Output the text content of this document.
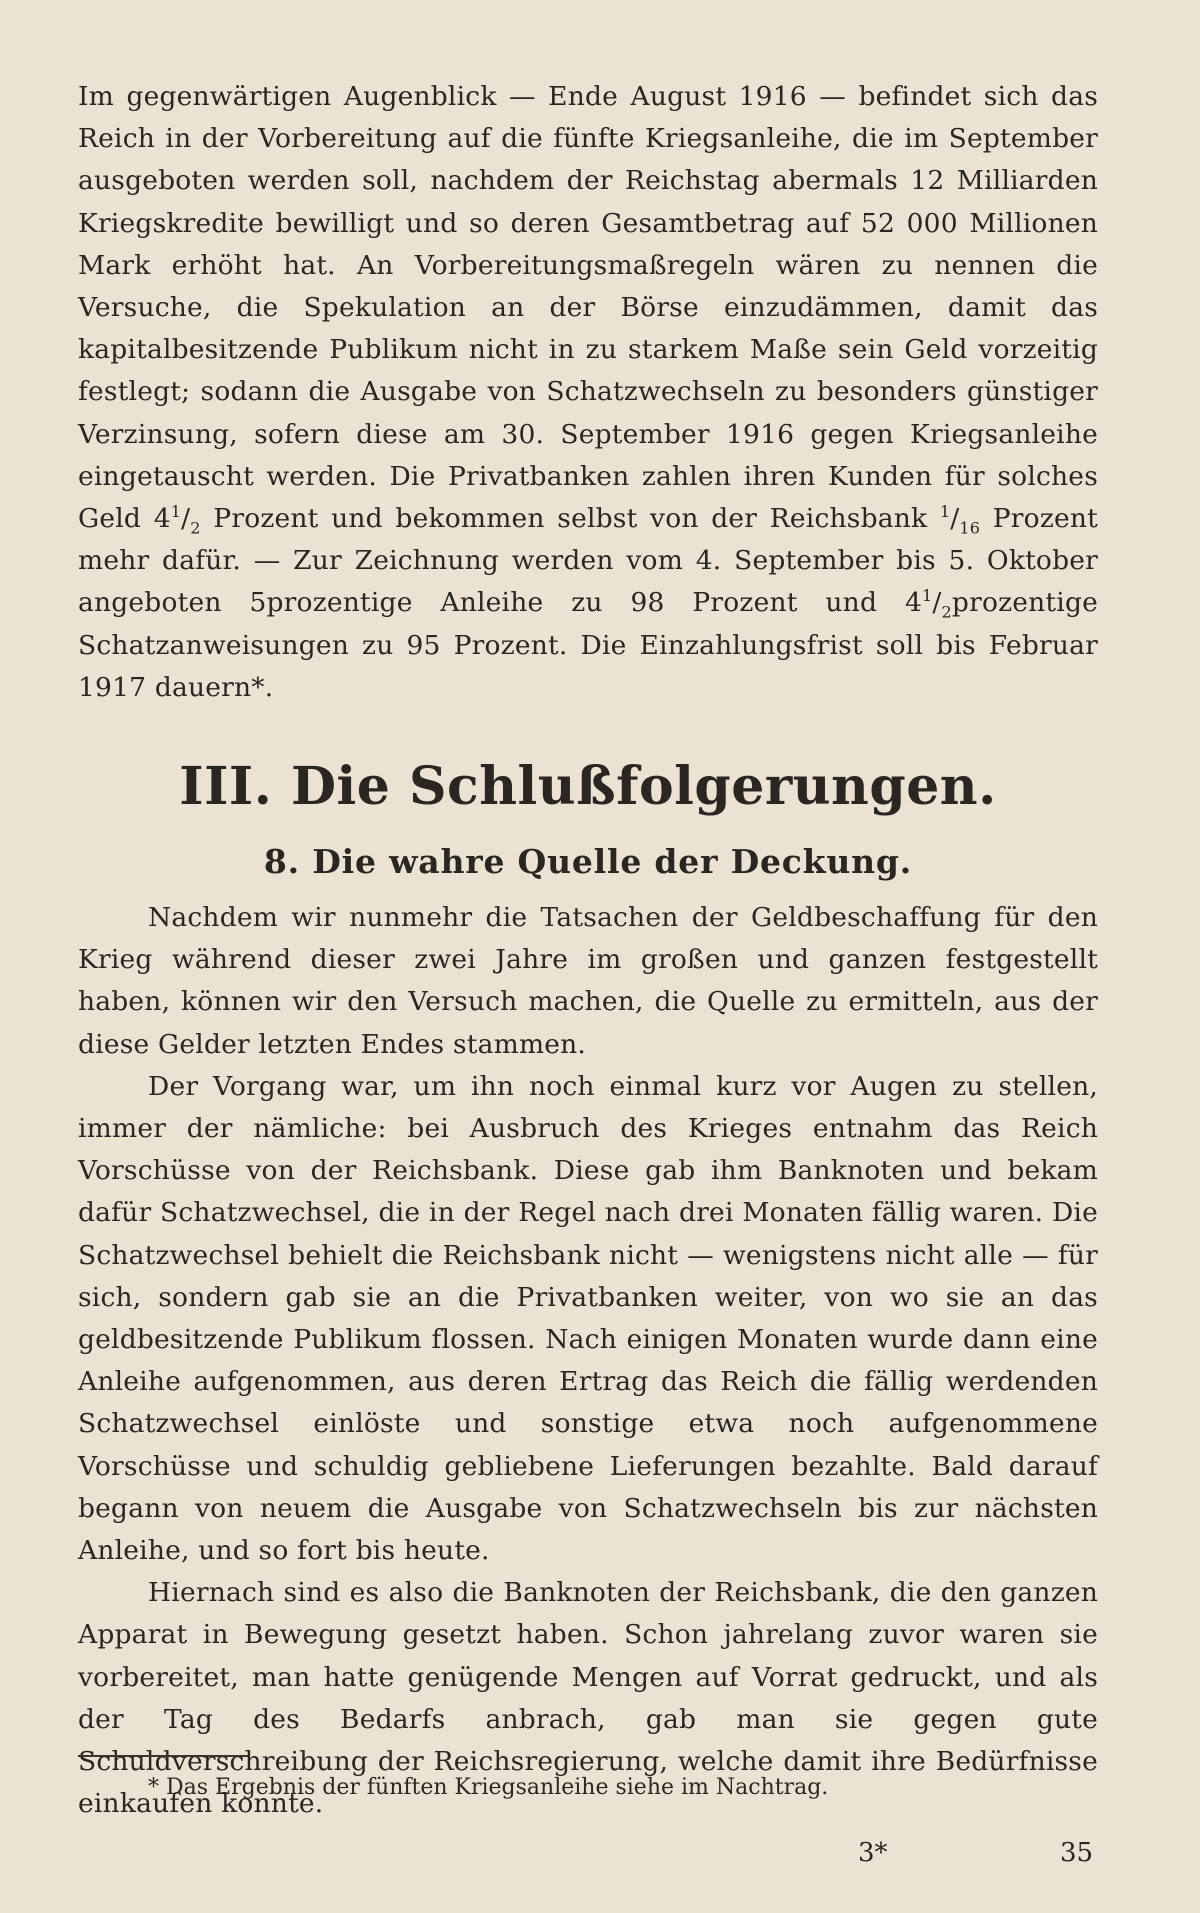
Im gegenwärtigen Augenblick — Ende August 1916 — befindet sich das Reich in der Vorbereitung auf die fünfte Kriegsanleihe, die im September ausgeboten werden soll, nachdem der Reichstag abermals 12 Milliarden Kriegskredite bewilligt und so deren Gesamtbetrag auf 52 000 Millionen Mark erhöht hat. An Vorbereitungsmaßregeln wären zu nennen die Versuche, die Spekulation an der Börse einzudämmen, damit das kapitalbesitzende Publikum nicht in zu starkem Maße sein Geld vorzeitig festlegt; sodann die Ausgabe von Schatzwechseln zu besonders günstiger Verzinsung, sofern diese am 30. September 1916 gegen Kriegsanleihe eingetauscht werden. Die Privatbanken zahlen ihren Kunden für solches Geld $4^1/_2$ Prozent und bekommen selbst von der Reichsbank $^1/_{16}$ Prozent mehr dafür. — Zur Zeichnung werden vom 4. September bis 5. Oktober angeboten 5prozentige Anleihe zu 98 Prozent und $4^1/_2prozentige$ Schatzanweisungen zu 95 Prozent. Die Einzahlungsfrist soll bis Februar 1917 dauern*.

III. Die Schlußfolgerungen.
8. Die wahre Quelle der Deckung.

Nachdem wir nunmehr die Tatsachen der Geldbeschaffung für den Krieg während dieser zwei Jahre im großen und ganzen festgestellt haben, können wir den Versuch machen, die Quelle zu ermitteln, aus der diese Gelder letzten Endes stammen.

Der Vorgang war, um ihn noch einmal kurz vor Augen zu stellen, immer der nämliche: bei Ausbruch des Krieges entnahm das Reich Vorschüsse von der Reichsbank. Diese gab ihm Banknoten und bekam dafür Schatzwechsel, die in der Regel nach drei Monaten fällig waren. Die Schatzwechsel behielt die Reichsbank nicht — wenigstens nicht alle — für sich, sondern gab sie an die Privatbanken weiter, von wo sie an das geldbesitzende Publikum flossen. Nach einigen Monaten wurde dann eine Anleihe aufgenommen, aus deren Ertrag das Reich die fällig werdenden Schatzwechsel einlöste und sonstige etwa noch aufgenommene Vorschüsse und schuldig gebliebene Lieferungen bezahlte. Bald darauf begann von neuem die Ausgabe von Schatzwechseln bis zur nächsten Anleihe, und so fort bis heute.

Hiernach sind es also die Banknoten der Reichsbank, die den ganzen Apparat in Bewegung gesetzt haben. Schon jahrelang zuvor waren sie vorbereitet, man hatte genügende Mengen auf Vorrat gedruckt, und als der Tag des Bedarfs anbrach, gab man sie gegen gute Schuldverschreibung der Reichsregierung, welche damit ihre Bedürfnisse einkaufen konnte.

* Das Ergebnis der fünften Kriegsanleihe siehe im Nachtrag.

3*	35
